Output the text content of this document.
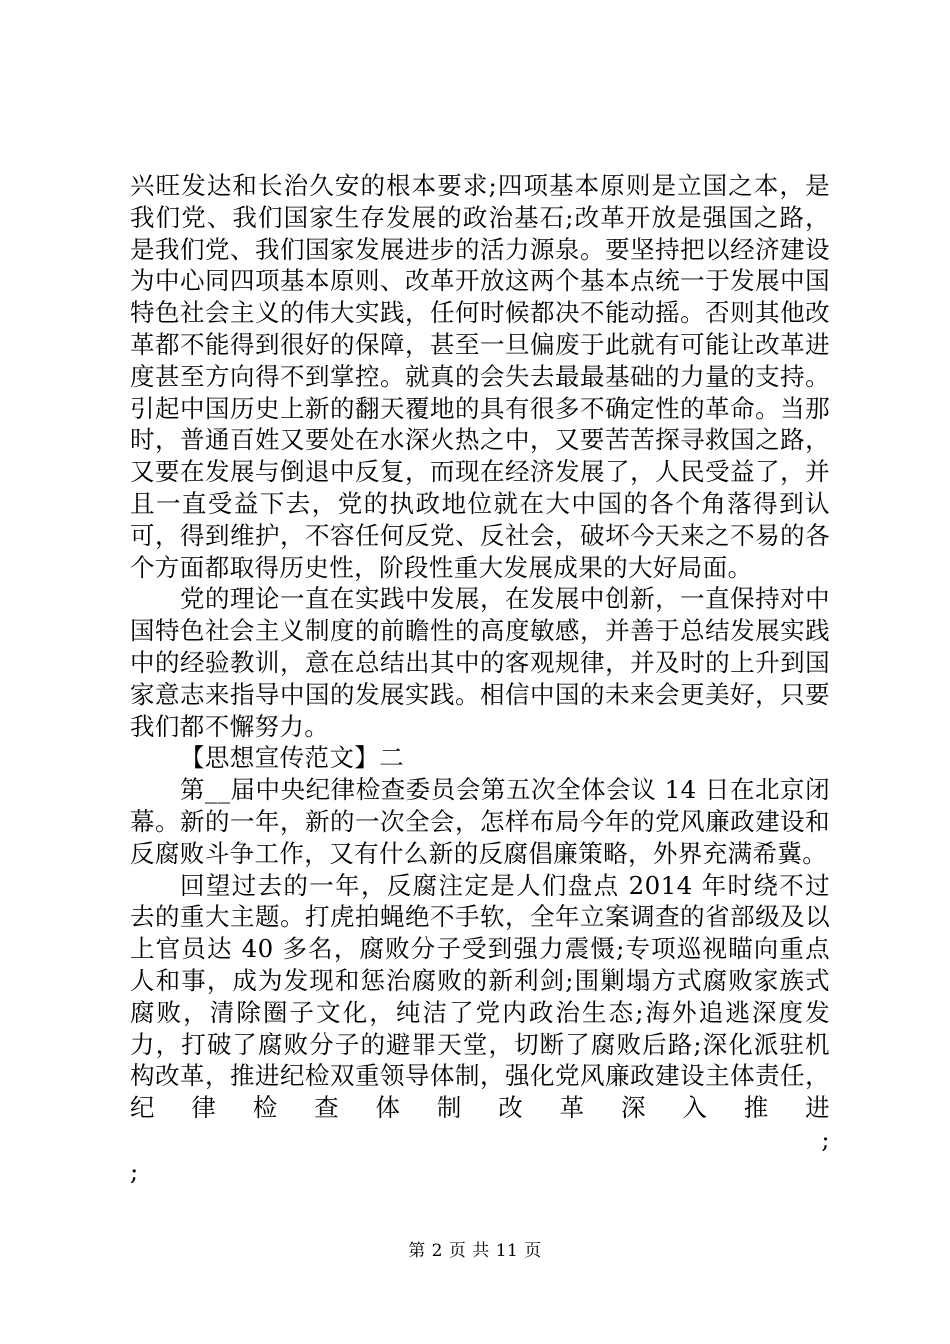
兴旺发达和长治久安的根本要求;四项基本原则是立国之本，是我们党、我们国家生存发展的政治基石;改革开放是强国之路，是我们党、我们国家发展进步的活力源泉。要坚持把以经济建设为中心同四项基本原则、改革开放这两个基本点统一于发展中国特色社会主义的伟大实践，任何时候都决不能动摇。否则其他改革都不能得到很好的保障，甚至一旦偏废于此就有可能让改革进度甚至方向得不到掌控。就真的会失去最最基础的力量的支持。引起中国历史上新的翻天覆地的具有很多不确定性的革命。当那时，普通百姓又要处在水深火热之中，又要苦苦探寻救国之路，又要在发展与倒退中反复，而现在经济发展了，人民受益了，并且一直受益下去，党的执政地位就在大中国的各个角落得到认可，得到维护，不容任何反党、反社会，破坏今天来之不易的各个方面都取得历史性，阶段性重大发展成果的大好局面。

党的理论一直在实践中发展，在发展中创新，一直保持对中国特色社会主义制度的前瞻性的高度敏感，并善于总结发展实践中的经验教训，意在总结出其中的客观规律，并及时的上升到国家意志来指导中国的发展实践。相信中国的未来会更美好，只要我们都不懈努力。

【思想宣传范文】二

第__届中央纪律检查委员会第五次全体会议 14 日在北京闭幕。新的一年，新的一次全会，怎样布局今年的党风廉政建设和反腐败斗争工作，又有什么新的反腐倡廉策略，外界充满希冀。

回望过去的一年，反腐注定是人们盘点 2014 年时绕不过去的重大主题。打虎拍蝇绝不手软，全年立案调查的省部级及以上官员达 40 多名，腐败分子受到强力震慑;专项巡视瞄向重点人和事，成为发现和惩治腐败的新利剑;围剿塌方式腐败家族式腐败，清除圈子文化，纯洁了党内政治生态;海外追逃深度发力，打破了腐败分子的避罪天堂，切断了腐败后路;深化派驻机构改革，推进纪检双重领导体制，强化党风廉政建设主体责任，纪律检查体制改革深入推进

;

;

第 2 页 共 11 页
